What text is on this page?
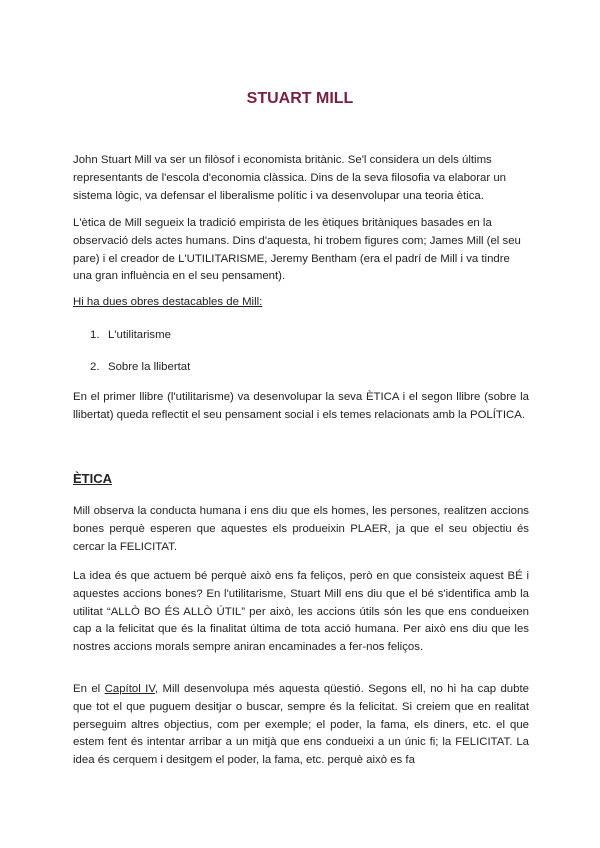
STUART MILL

John Stuart Mill va ser un filòsof i economista britànic. Se'l considera un dels últims representants de l'escola d'economia clàssica. Dins de la seva filosofia va elaborar un sistema lògic, va defensar el liberalisme polític i va desenvolupar una teoria ètica.

L'ètica de Mill segueix la tradició empirista de les ètiques britàniques basades en la observació dels actes humans. Dins d'aquesta, hi trobem figures com; James Mill (el seu pare) i el creador de L'UTILITARISME, Jeremy Bentham (era el padrí de Mill i va tindre una gran influència en el seu pensament).

Hi ha dues obres destacables de Mill:

1. L'utilitarisme

2. Sobre la llibertat

En el primer llibre (l'utilitarisme) va desenvolupar la seva ÈTICA i el segon llibre (sobre la llibertat) queda reflectit el seu pensament social i els temes relacionats amb la POLÍTICA.

ÈTICA

Mill observa la conducta humana i ens diu que els homes, les persones, realitzen accions bones perquè esperen que aquestes els produeixin PLAER, ja que el seu objectiu és cercar la FELICITAT.

La idea és que actuem bé perquè això ens fa feliços, però en que consisteix aquest BÉ i aquestes accions bones? En l'utilitarisme, Stuart Mill ens diu que el bé s'identifica amb la utilitat “ALLÒ BO ÉS ALLÒ ÚTIL” per això, les accions útils són les que ens condueixen cap a la felicitat que és la finalitat última de tota acció humana. Per això ens diu que les nostres accions morals sempre aniran encaminades a fer-nos feliços.

En el Capítol IV, Mill desenvolupa més aquesta qüestió. Segons ell, no hi ha cap dubte que tot el que puguem desitjar o buscar, sempre és la felicitat. Si creiem que en realitat perseguim altres objectius, com per exemple; el poder, la fama, els diners, etc. el que estem fent és intentar arribar a un mitjà que ens condueixi a un únic fi; la FELICITAT. La idea és cerquem i desitgem el poder, la fama, etc. perquè això es fa
